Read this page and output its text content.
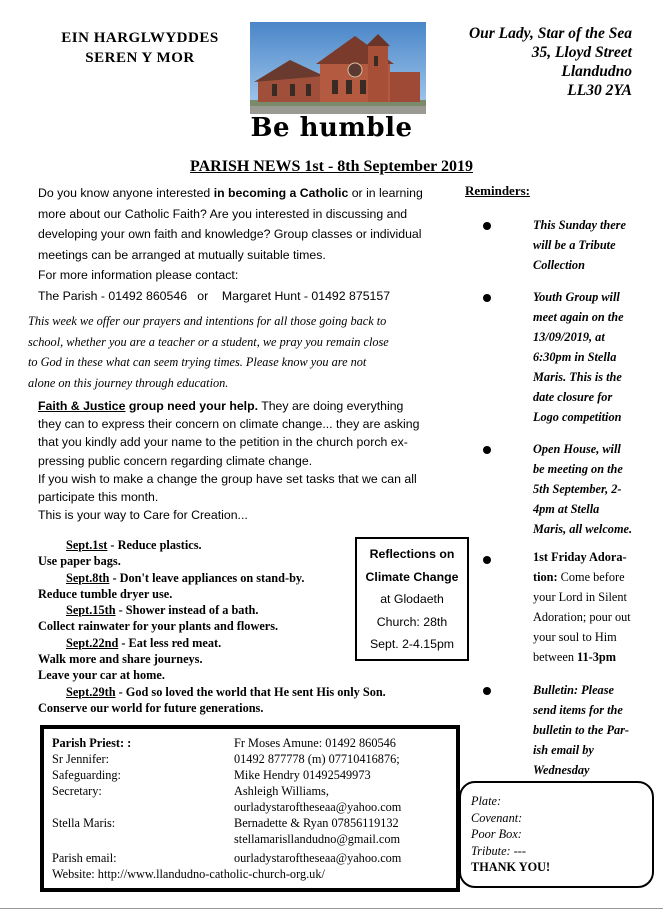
EIN HARGLWYDDES
SEREN Y MOR
Our Lady, Star of the Sea
35, Lloyd Street
Llandudno
LL30 2YA
Be humble
PARISH NEWS 1st - 8th September 2019
Do you know anyone interested in becoming a Catholic or in learning
more about our Catholic Faith? Are you interested in discussing and
developing your own faith and knowledge? Group classes or individual
meetings can be arranged at mutually suitable times.
For more information please contact:
The Parish - 01492 860546   or    Margaret Hunt - 01492 875157
This week we offer our prayers and intentions for all those going back to
school, whether you are a teacher or a student, we pray you remain close
to God in these what can seem trying times. Please know you are not
alone on this journey through education.
Faith & Justice group need your help. They are doing everything
they can to express their concern on climate change... they are asking
that you kindly add your name to the petition in the church porch ex-
pressing public concern regarding climate change.
If you wish to make a change the group have set tasks that we can all
participate this month.
This is your way to Care for Creation...
Sept.1st - Reduce plastics.
Use paper bags.
Sept.8th - Don't leave appliances on stand-by.
Reduce tumble dryer use.
Sept.15th - Shower instead of a bath.
Collect rainwater for your plants and flowers.
Sept.22nd - Eat less red meat.
Walk more and share journeys.
Leave your car at home.
Sept.29th - God so loved the world that He sent His only Son.
Conserve our world for future generations.
Reflections on
Climate Change
at Glodaeth
Church: 28th
Sept. 2-4.15pm
Reminders:
This Sunday there
will be a Tribute
Collection
Youth Group will
meet again on the
13/09/2019, at
6:30pm in Stella
Maris. This is the
date closure for
Logo competition
Open House, will
be meeting on the
5th September, 2-
4pm at Stella
Maris, all welcome.
1st Friday Adora-
tion: Come before
your Lord in Silent
Adoration; pour out
your soul to Him
between 11-3pm
Bulletin: Please
send items for the
bulletin to the Par-
ish email by
Wednesday
Parish Priest: :	Fr Moses Amune: 01492 860546
Sr Jennifer:	01492 877778 (m) 07710416876;
Safeguarding:	Mike Hendry 01492549973
Secretary:	Ashleigh Williams,
ourladystaroftheseaa@yahoo.com
Stella Maris:	Bernadette & Ryan 07856119132
stellamarisllandudno@gmail.com
Parish email:	ourladystaroftheseaa@yahoo.com
Website: http://www.llandudno-catholic-church-org.uk/
Plate:
Covenant:
Poor Box:
Tribute: ---
THANK YOU!
